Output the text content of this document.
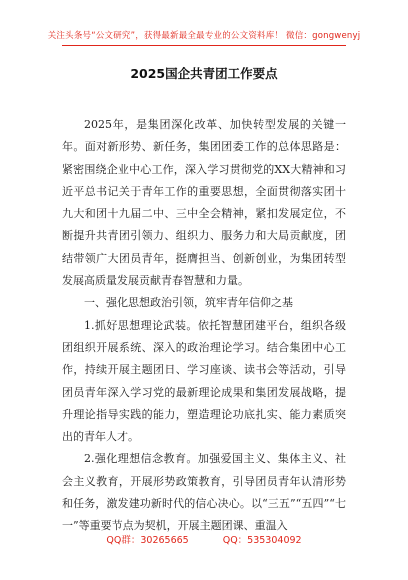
关注头条号“公文研究”，获得最新最全最专业的公文资料库！ 微信：gongwenyj
2025国企共青团工作要点

2025年，是集团深化改革、加快转型发展的关键一年。面对新形势、新任务，集团团委工作的总体思路是：紧密围绕企业中心工作，深入学习贯彻党的XX大精神和习近平总书记关于青年工作的重要思想，全面贯彻落实团十九大和团十九届二中、三中全会精神，紧扣发展定位，不断提升共青团引领力、组织力、服务力和大局贡献度，团结带领广大团员青年，挺膺担当、创新创业，为集团转型发展高质量发展贡献青春智慧和力量。

一、强化思想政治引领，筑牢青年信仰之基

1.抓好思想理论武装。依托智慧团建平台，组织各级团组织开展系统、深入的政治理论学习。结合集团中心工作，持续开展主题团日、学习座谈、读书会等活动，引导团员青年深入学习党的最新理论成果和集团发展战略，提升理论指导实践的能力，塑造理论功底扎实、能力素质突出的青年人才。

2.强化理想信念教育。加强爱国主义、集体主义、社会主义教育，开展形势政策教育，引导团员青年认清形势和任务，激发建功新时代的信心决心。以“三五”“五四”“七一”等重要节点为契机，开展主题团课、重温入

QQ群：30265665	QQ：535304092
